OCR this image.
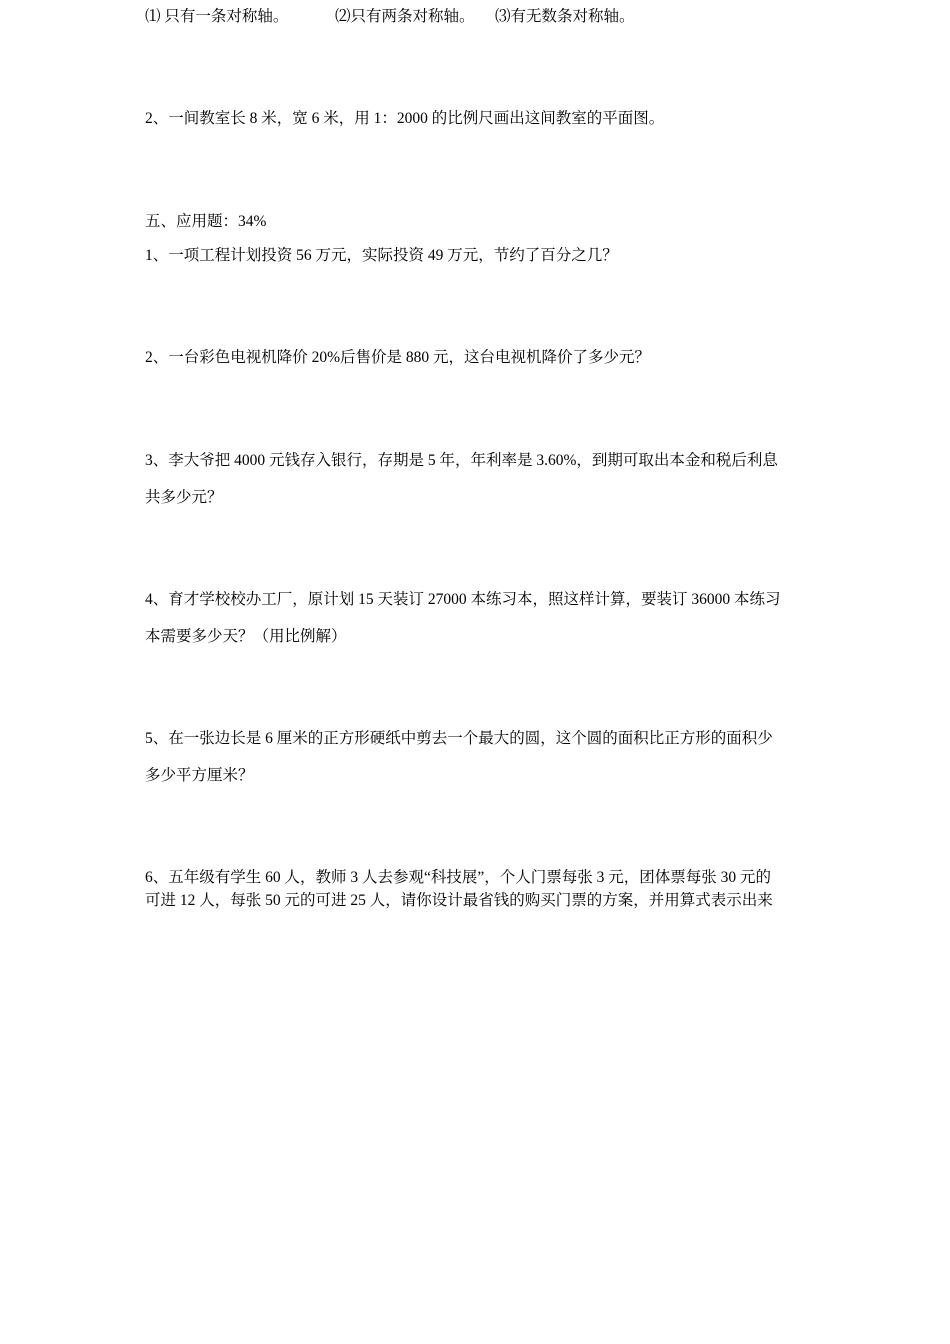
⑴ 只有一条对称轴。	⑵只有两条对称轴。 ⑶有无数条对称轴。
2、一间教室长 8 米，宽 6 米，用 1：2000 的比例尺画出这间教室的平面图。
五、应用题：34%
1、一项工程计划投资 56 万元，实际投资 49 万元，节约了百分之几？
2、一台彩色电视机降价 20%后售价是 880 元，这台电视机降价了多少元？
3、李大爷把 4000 元钱存入银行，存期是 5 年，年利率是 3.60%，到期可取出本金和税后利息
共多少元？
4、育才学校校办工厂，原计划 15 天装订 27000 本练习本，照这样计算，要装订 36000 本练习
本需要多少天？（用比例解）
5、在一张边长是 6 厘米的正方形硬纸中剪去一个最大的圆，这个圆的面积比正方形的面积少
多少平方厘米？
6、五年级有学生 60 人，教师 3 人去参观“科技展”，个人门票每张 3 元，团体票每张 30 元的
可进 12 人，每张 50 元的可进 25 人，请你设计最省钱的购买门票的方案，并用算式表示出来
